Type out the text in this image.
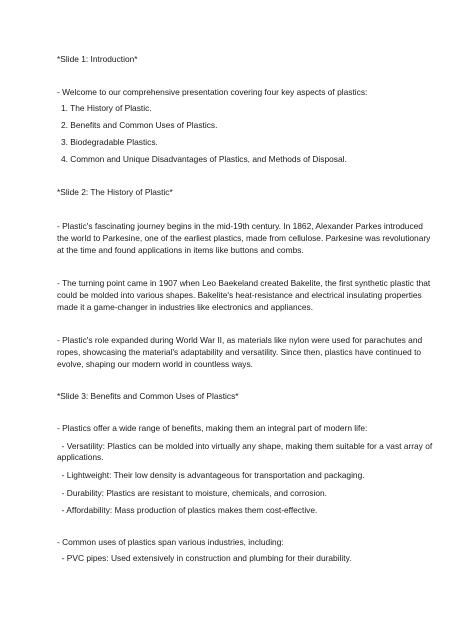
*Slide 1: Introduction*

- Welcome to our comprehensive presentation covering four key aspects of plastics:

1. The History of Plastic.

2. Benefits and Common Uses of Plastics.

3. Biodegradable Plastics.

4. Common and Unique Disadvantages of Plastics, and Methods of Disposal.

*Slide 2: The History of Plastic*

- Plastic's fascinating journey begins in the mid-19th century. In 1862, Alexander Parkes introduced

the world to Parkesine, one of the earliest plastics, made from cellulose. Parkesine was revolutionary

at the time and found applications in items like buttons and combs.

- The turning point came in 1907 when Leo Baekeland created Bakelite, the first synthetic plastic that

could be molded into various shapes. Bakelite's heat-resistance and electrical insulating properties

made it a game-changer in industries like electronics and appliances.

- Plastic's role expanded during World War II, as materials like nylon were used for parachutes and

ropes, showcasing the material's adaptability and versatility. Since then, plastics have continued to

evolve, shaping our modern world in countless ways.

*Slide 3: Benefits and Common Uses of Plastics*

- Plastics offer a wide range of benefits, making them an integral part of modern life:

- Versatility: Plastics can be molded into virtually any shape, making them suitable for a vast array of

applications.

- Lightweight: Their low density is advantageous for transportation and packaging.

- Durability: Plastics are resistant to moisture, chemicals, and corrosion.

- Affordability: Mass production of plastics makes them cost-effective.

- Common uses of plastics span various industries, including:

- PVC pipes: Used extensively in construction and plumbing for their durability.
